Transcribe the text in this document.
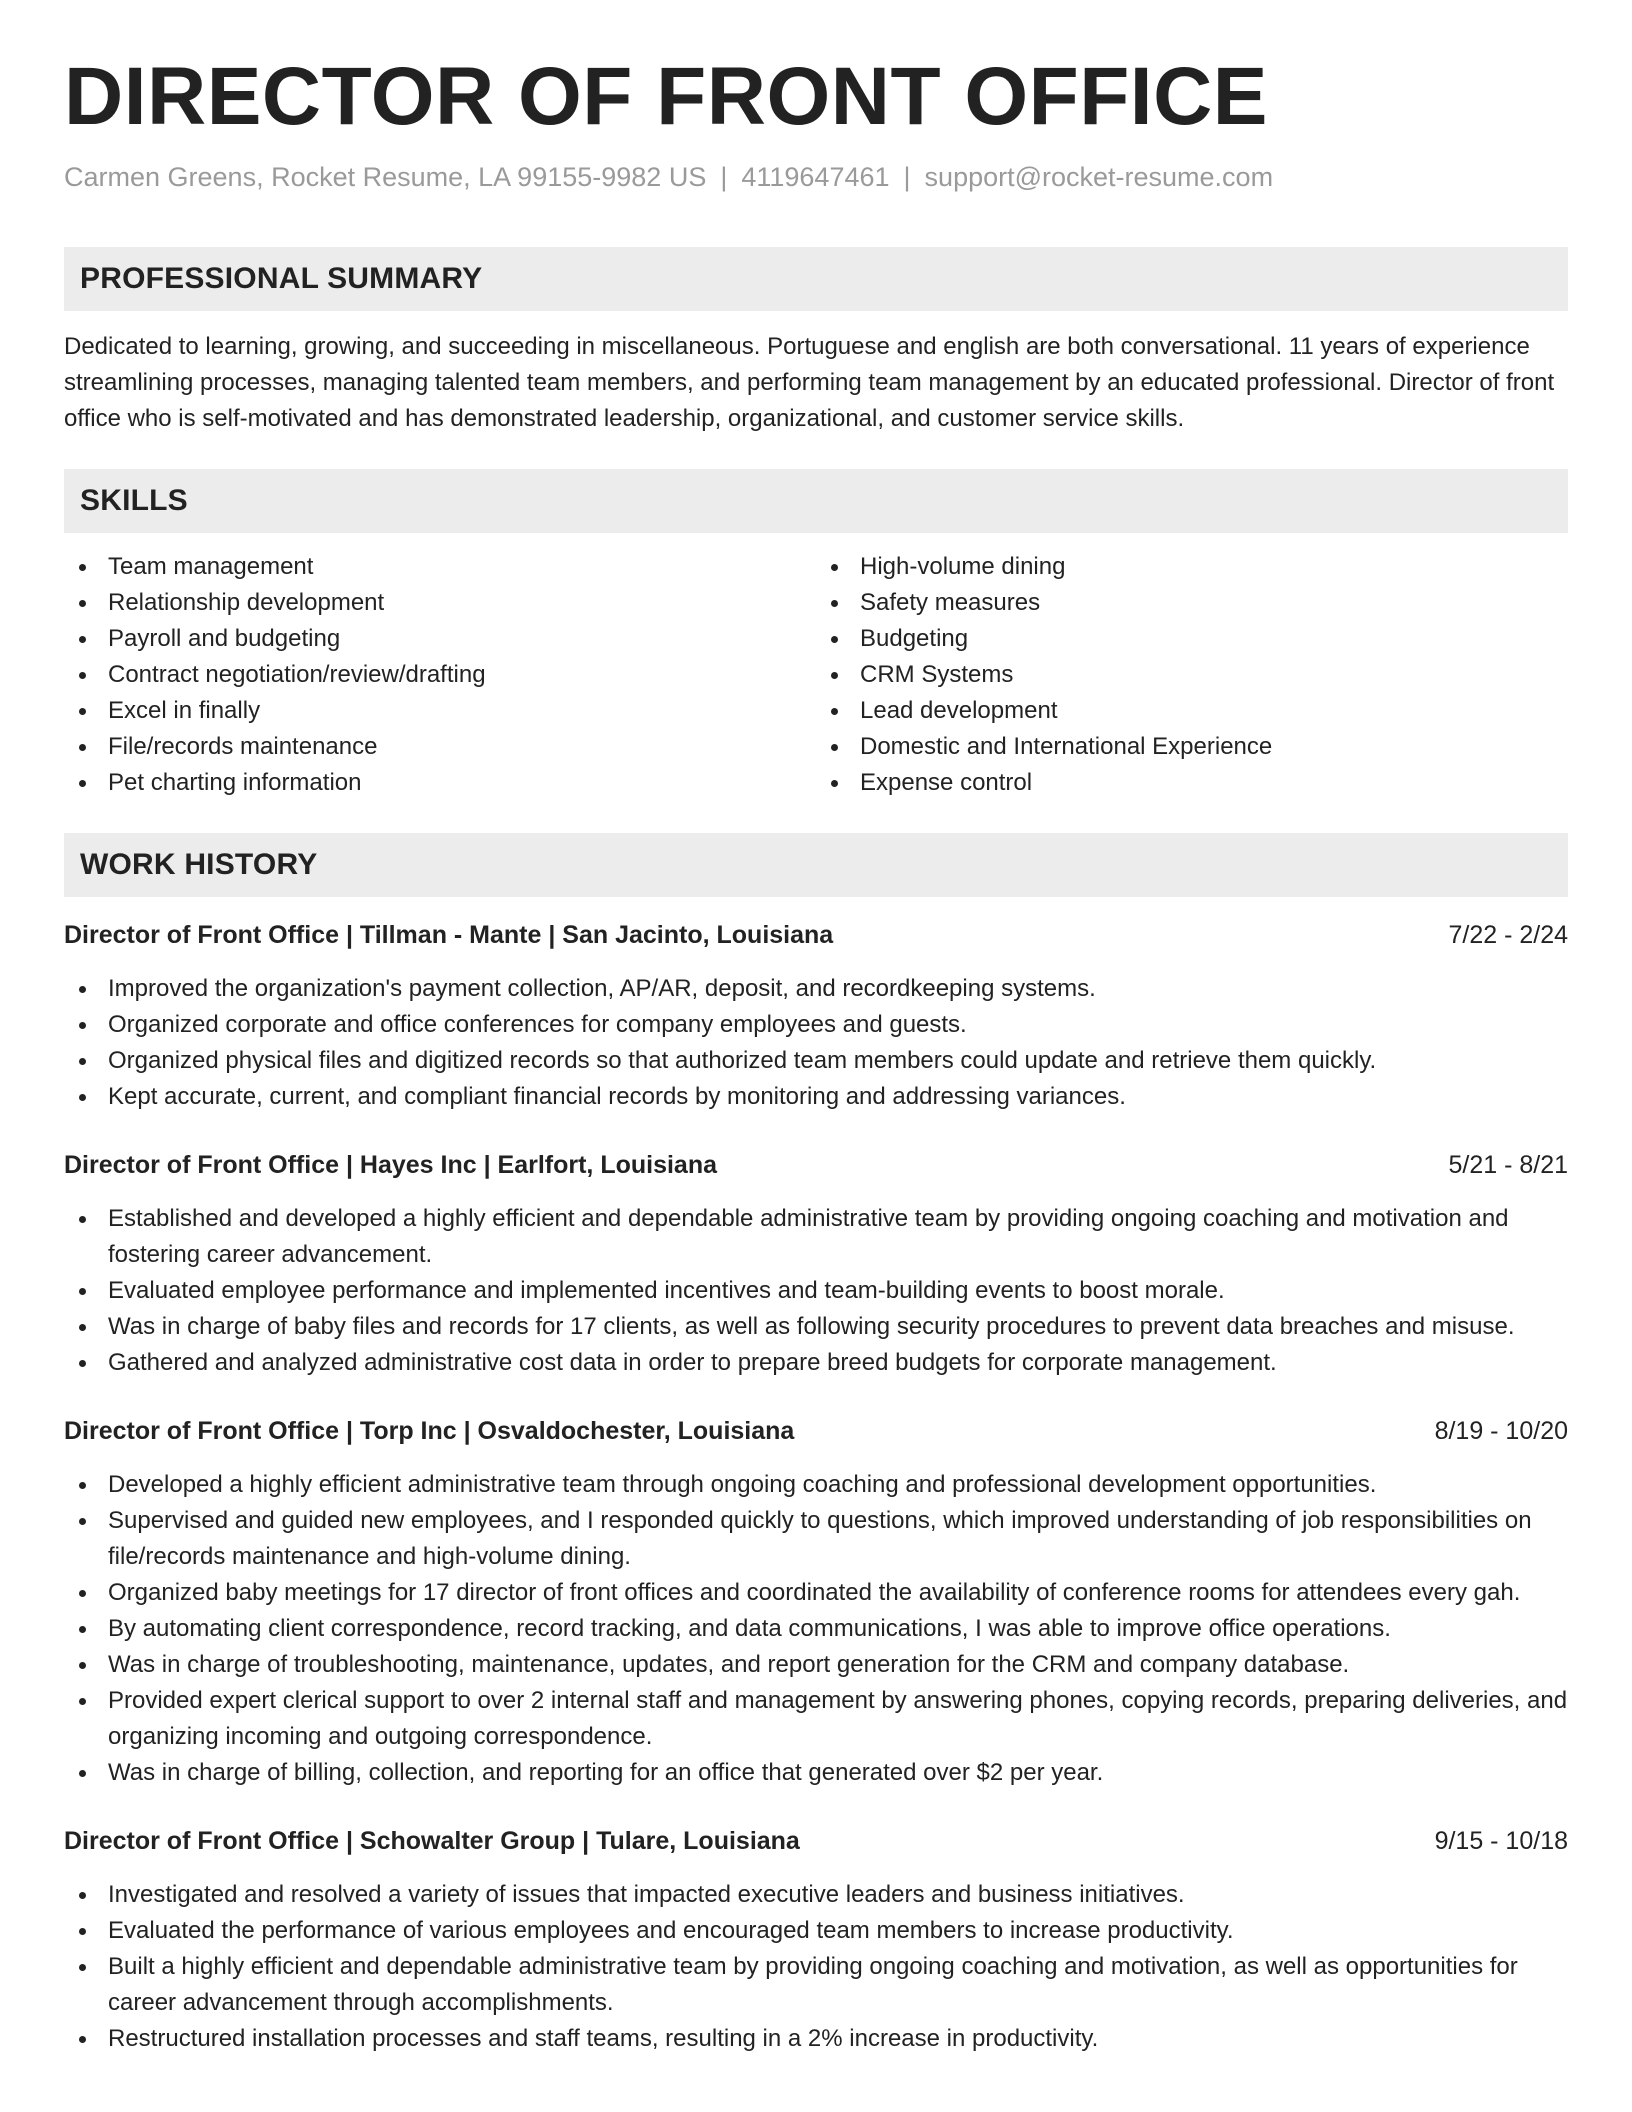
DIRECTOR OF FRONT OFFICE
Carmen Greens, Rocket Resume, LA 99155-9982 US | 4119647461 | support@rocket-resume.com
PROFESSIONAL SUMMARY

Dedicated to learning, growing, and succeeding in miscellaneous. Portuguese and english are both conversational. 11 years of experience streamlining processes, managing talented team members, and performing team management by an educated professional. Director of front office who is self-motivated and has demonstrated leadership, organizational, and customer service skills.

SKILLS
Team management
Relationship development
Payroll and budgeting
Contract negotiation/review/drafting
Excel in finally
File/records maintenance
Pet charting information
High-volume dining
Safety measures
Budgeting
CRM Systems
Lead development
Domestic and International Experience
Expense control
WORK HISTORY
Director of Front Office | Tillman - Mante | San Jacinto, Louisiana	7/22 - 2/24
Improved the organization's payment collection, AP/AR, deposit, and recordkeeping systems.
Organized corporate and office conferences for company employees and guests.
Organized physical files and digitized records so that authorized team members could update and retrieve them quickly.
Kept accurate, current, and compliant financial records by monitoring and addressing variances.
Director of Front Office | Hayes Inc | Earlfort, Louisiana	5/21 - 8/21
Established and developed a highly efficient and dependable administrative team by providing ongoing coaching and motivation and fostering career advancement.
Evaluated employee performance and implemented incentives and team-building events to boost morale.
Was in charge of baby files and records for 17 clients, as well as following security procedures to prevent data breaches and misuse.
Gathered and analyzed administrative cost data in order to prepare breed budgets for corporate management.
Director of Front Office | Torp Inc | Osvaldochester, Louisiana	8/19 - 10/20
Developed a highly efficient administrative team through ongoing coaching and professional development opportunities.
Supervised and guided new employees, and I responded quickly to questions, which improved understanding of job responsibilities on file/records maintenance and high-volume dining.
Organized baby meetings for 17 director of front offices and coordinated the availability of conference rooms for attendees every gah.
By automating client correspondence, record tracking, and data communications, I was able to improve office operations.
Was in charge of troubleshooting, maintenance, updates, and report generation for the CRM and company database.
Provided expert clerical support to over 2 internal staff and management by answering phones, copying records, preparing deliveries, and organizing incoming and outgoing correspondence.
Was in charge of billing, collection, and reporting for an office that generated over $2 per year.
Director of Front Office | Schowalter Group | Tulare, Louisiana	9/15 - 10/18
Investigated and resolved a variety of issues that impacted executive leaders and business initiatives.
Evaluated the performance of various employees and encouraged team members to increase productivity.
Built a highly efficient and dependable administrative team by providing ongoing coaching and motivation, as well as opportunities for career advancement through accomplishments.
Restructured installation processes and staff teams, resulting in a 2% increase in productivity.
